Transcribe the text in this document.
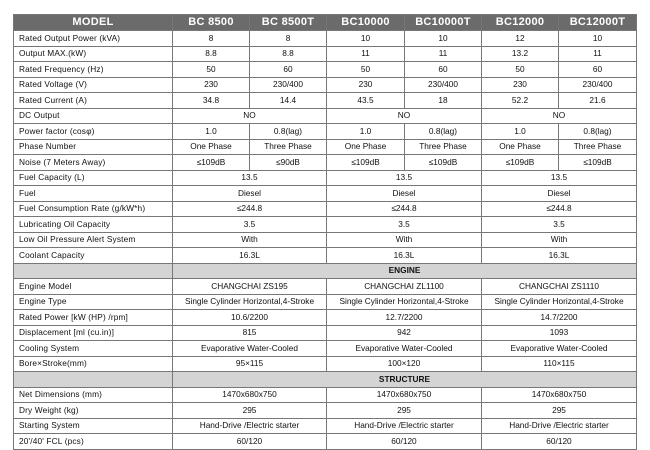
MODEL	BC 8500	BC 8500T	BC10000	BC10000T	BC12000	BC12000T
Rated Output Power (kVA)	8	8	10	10	12	10
Output MAX.(kW)	8.8	8.8	11	11	13.2	11
Rated Frequency (Hz)	50	60	50	60	50	60
Rated Voltage (V)	230	230/400	230	230/400	230	230/400
Rated Current (A)	34.8	14.4	43.5	18	52.2	21.6
DC Output	NO		NO		NO	
Power factor (cosφ)	1.0	0.8(lag)	1.0	0.8(lag)	1.0	0.8(lag)
Phase Number	One Phase	Three Phase	One Phase	Three Phase	One Phase	Three Phase
Noise (7 Meters Away)	≤109dB	≤90dB	≤109dB	≤109dB	≤109dB	≤109dB
Fuel Capacity (L)	13.5		13.5		13.5	
Fuel	Diesel		Diesel		Diesel	
Fuel Consumption Rate (g/kW*h)	≤244.8		≤244.8		≤244.8	
Lubricating Oil Capacity	3.5		3.5		3.5	
Low Oil Pressure Alert System	With		With		With	
Coolant Capacity	16.3L		16.3L		16.3L	
	ENGINE					
Engine Model	CHANGCHAI ZS195		CHANGCHAI ZL1100		CHANGCHAI ZS1110	
Engine Type	Single Cylinder Horizontal,4-Stroke		Single Cylinder Horizontal,4-Stroke		Single Cylinder Horizontal,4-Stroke	
Rated Power [kW (HP) /rpm]	10.6/2200		12.7/2200		14.7/2200	
Displacement [ml (cu.in)]	815		942		1093	
Cooling System	Evaporative Water-Cooled		Evaporative Water-Cooled		Evaporative Water-Cooled	
Bore×Stroke(mm)	95×115		100×120		110×115	
	STRUCTURE					
Net Dimensions (mm)	1470x680x750		1470x680x750		1470x680x750	
Dry Weight (kg)	295		295		295	
Starting System	Hand-Drive /Electric starter		Hand-Drive /Electric starter		Hand-Drive /Electric starter	
20'/40' FCL (pcs)	60/120		60/120		60/120	
